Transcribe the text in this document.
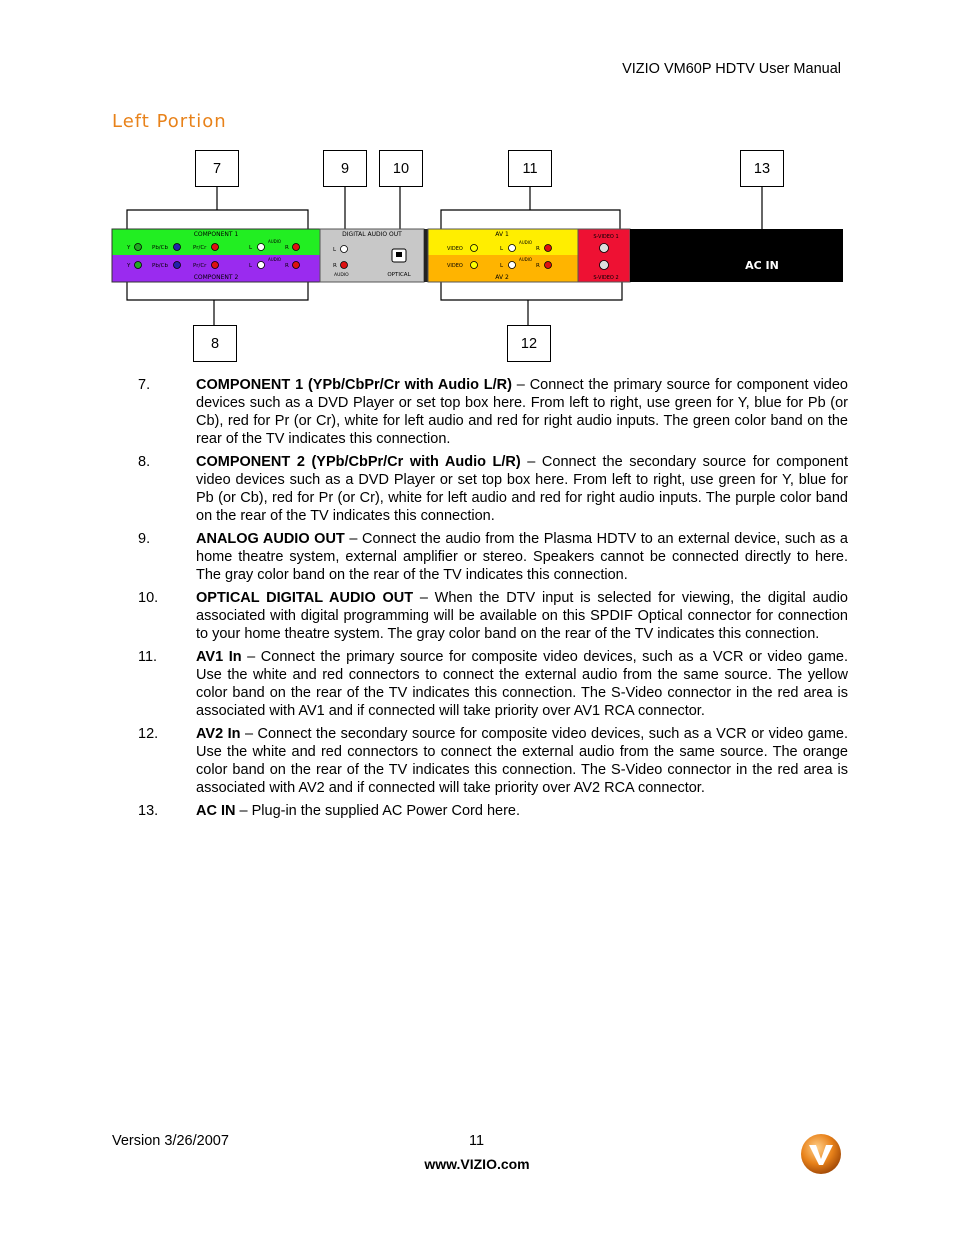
VIZIO VM60P HDTV User Manual
Left Portion
COMPONENT 1
COMPONENT 2
Y	Pb/Cb	Pr/Cr	L
AUDIO
R
Y	Pb/Cb	Pr/Cr	L
AUDIO
R
DIGITAL AUDIO OUT
L
R
AUDIO	OPTICAL
AV 1
AV 2
VIDEO	L
AUDIO
R
VIDEO	L
AUDIO
R
S-VIDEO 1
S-VIDEO 2
AC IN
7	9	10	11	13
8	12
7.	COMPONENT 1 (YPb/CbPr/Cr with Audio L/R) – Connect the primary source for component video devices such as a DVD Player or set top box here. From left to right, use green for Y, blue for Pb (or Cb), red for Pr (or Cr), white for left audio and red for right audio inputs. The green color band on the rear of the TV indicates this connection.
8.	COMPONENT 2 (YPb/CbPr/Cr with Audio L/R) – Connect the secondary source for component video devices such as a DVD Player or set top box here. From left to right, use green for Y, blue for Pb (or Cb), red for Pr (or Cr), white for left audio and red for right audio inputs. The purple color band on the rear of the TV indicates this connection.
9.	ANALOG AUDIO OUT – Connect the audio from the Plasma HDTV to an external device, such as a home theatre system, external amplifier or stereo. Speakers cannot be connected directly to here. The gray color band on the rear of the TV indicates this connection.
10.	OPTICAL DIGITAL AUDIO OUT – When the DTV input is selected for viewing, the digital audio associated with digital programming will be available on this SPDIF Optical connector for connection to your home theatre system. The gray color band on the rear of the TV indicates this connection.
11.	AV1 In – Connect the primary source for composite video devices, such as a VCR or video game. Use the white and red connectors to connect the external audio from the same source. The yellow color band on the rear of the TV indicates this connection. The S-Video connector in the red area is associated with AV1 and if connected will take priority over AV1 RCA connector.
12.	AV2 In – Connect the secondary source for composite video devices, such as a VCR or video game. Use the white and red connectors to connect the external audio from the same source. The orange color band on the rear of the TV indicates this connection. The S-Video connector in the red area is associated with AV2 and if connected will take priority over AV2 RCA connector.
13.	AC IN – Plug-in the supplied AC Power Cord here.
Version 3/26/2007	11
www.VIZIO.com
